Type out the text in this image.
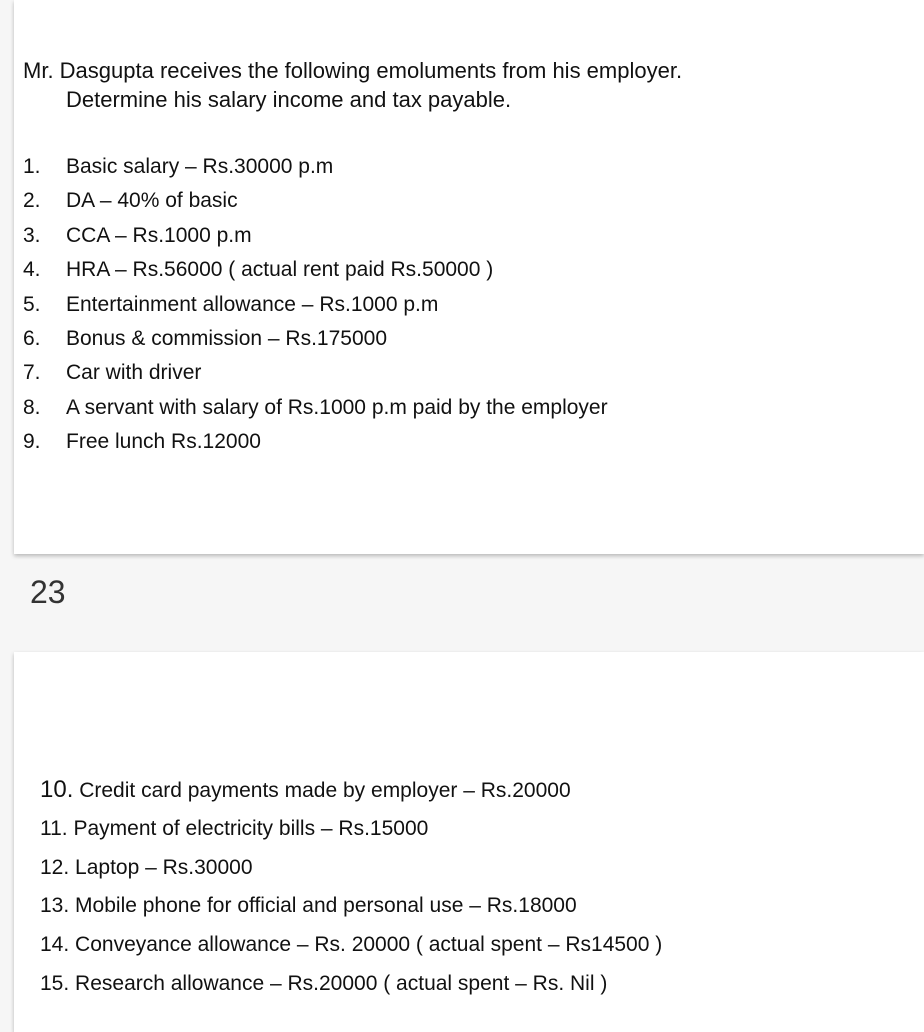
Mr. Dasgupta receives the following emoluments from his employer.
Determine his salary income and tax payable.
1. Basic salary – Rs.30000 p.m
2. DA – 40% of basic
3. CCA – Rs.1000 p.m
4. HRA – Rs.56000 ( actual rent paid Rs.50000 )
5. Entertainment allowance – Rs.1000 p.m
6. Bonus & commission – Rs.175000
7. Car with driver
8. A servant with salary of Rs.1000 p.m paid by the employer
9. Free lunch Rs.12000
23
10. Credit card payments made by employer – Rs.20000
11. Payment of electricity bills – Rs.15000
12. Laptop – Rs.30000
13. Mobile phone for official and personal use – Rs.18000
14. Conveyance allowance – Rs. 20000 ( actual spent – Rs14500 )
15. Research allowance – Rs.20000 ( actual spent – Rs. Nil )
